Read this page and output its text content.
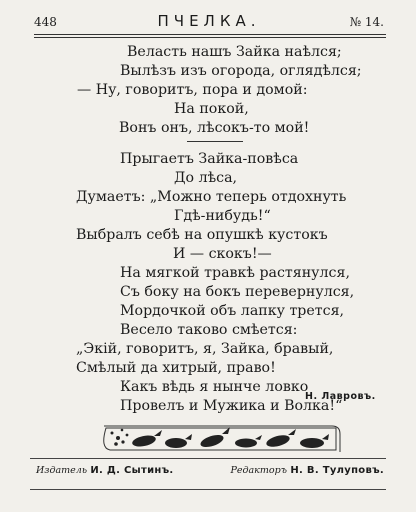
448	ПЧЕЛКА.	№ 14.
Веласть нашъ Зайка наѣлся;
Вылѣзъ изъ огорода, оглядѣлся;
— Ну, говоритъ, пора и домой:
На покой,
Вонъ онъ, лѣсокъ-то мой!
Прыгаетъ Зайка-повѣса
До лѣса,
Думаетъ: „Можно теперь отдохнуть
Гдѣ-нибудь!“
Выбралъ себѣ на опушкѣ кустокъ
И — скокъ!—
На мягкой травкѣ растянулся,
Съ боку на бокъ перевернулся,
Мордочкой объ лапку трется,
Весело таково смѣется:
„Экій, говоритъ, я, Зайка, бравый,
Смѣлый да хитрый, право!
Какъ вѣдь я нынче ловко
Провелъ и Мужика и Волка!“
Н. Лавровъ.
Издатель И. Д. Сытинъ.	Редакторъ Н. В. Тулуповъ.
